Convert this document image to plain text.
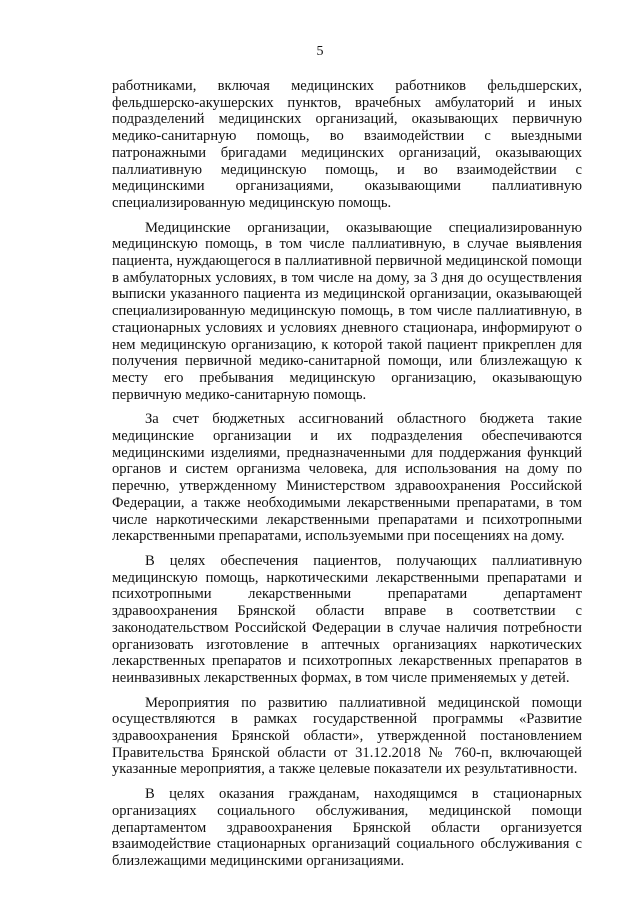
5

работниками, включая медицинских работников фельдшерских, фельдшерско-акушерских пунктов, врачебных амбулаторий и иных подразделений медицинских организаций, оказывающих первичную медико-санитарную помощь, во взаимодействии с выездными патронажными бригадами медицинских организаций, оказывающих паллиативную медицинскую помощь, и во взаимодействии с медицинскими организациями, оказывающими паллиативную специализированную медицинскую помощь.

Медицинские организации, оказывающие специализированную медицинскую помощь, в том числе паллиативную, в случае выявления пациента, нуждающегося в паллиативной первичной медицинской помощи в амбулаторных условиях, в том числе на дому, за 3 дня до осуществления выписки указанного пациента из медицинской организации, оказывающей специализированную медицинскую помощь, в том числе паллиативную, в стационарных условиях и условиях дневного стационара, информируют о нем медицинскую организацию, к которой такой пациент прикреплен для получения первичной медико-санитарной помощи, или близлежащую к месту его пребывания медицинскую организацию, оказывающую первичную медико-санитарную помощь.

За счет бюджетных ассигнований областного бюджета такие медицинские организации и их подразделения обеспечиваются медицинскими изделиями, предназначенными для поддержания функций органов и систем организма человека, для использования на дому по перечню, утвержденному Министерством здравоохранения Российской Федерации, а также необходимыми лекарственными препаратами, в том числе наркотическими лекарственными препаратами и психотропными лекарственными препаратами, используемыми при посещениях на дому.

В целях обеспечения пациентов, получающих паллиативную медицинскую помощь, наркотическими лекарственными препаратами и психотропными лекарственными препаратами департамент здравоохранения Брянской области вправе в соответствии с законодательством Российской Федерации в случае наличия потребности организовать изготовление в аптечных организациях наркотических лекарственных препаратов и психотропных лекарственных препаратов в неинвазивных лекарственных формах, в том числе применяемых у детей.

Мероприятия по развитию паллиативной медицинской помощи осуществляются в рамках государственной программы «Развитие здравоохранения Брянской области», утвержденной постановлением Правительства Брянской области от 31.12.2018 № 760-п, включающей указанные мероприятия, а также целевые показатели их результативности.

В целях оказания гражданам, находящимся в стационарных организациях социального обслуживания, медицинской помощи департаментом здравоохранения Брянской области организуется взаимодействие стационарных организаций социального обслуживания с близлежащими медицинскими организациями.
